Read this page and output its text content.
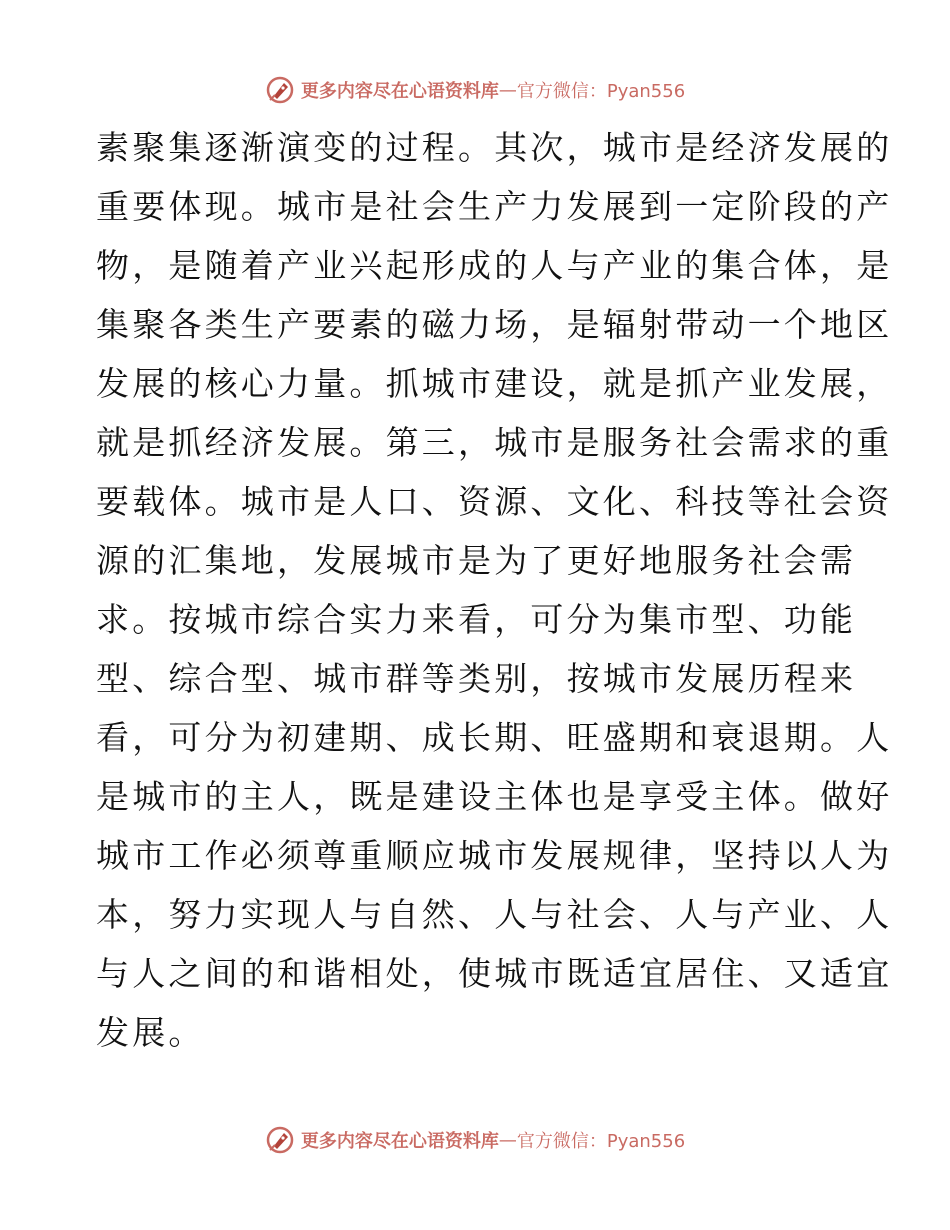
更多内容尽在心语资料库 — 官方微信：Pyan556
素聚集逐渐演变的过程。其次，城市是经济发展的
重要体现。城市是社会生产力发展到一定阶段的产
物，是随着产业兴起形成的人与产业的集合体，是
集聚各类生产要素的磁力场，是辐射带动一个地区
发展的核心力量。抓城市建设，就是抓产业发展，
就是抓经济发展。第三，城市是服务社会需求的重
要载体。城市是人口、资源、文化、科技等社会资
源的汇集地，发展城市是为了更好地服务社会需
求。按城市综合实力来看，可分为集市型、功能
型、综合型、城市群等类别，按城市发展历程来
看，可分为初建期、成长期、旺盛期和衰退期。人
是城市的主人，既是建设主体也是享受主体。做好
城市工作必须尊重顺应城市发展规律，坚持以人为
本，努力实现人与自然、人与社会、人与产业、人
与人之间的和谐相处，使城市既适宜居住、又适宜
发展。
更多内容尽在心语资料库 — 官方微信：Pyan556
